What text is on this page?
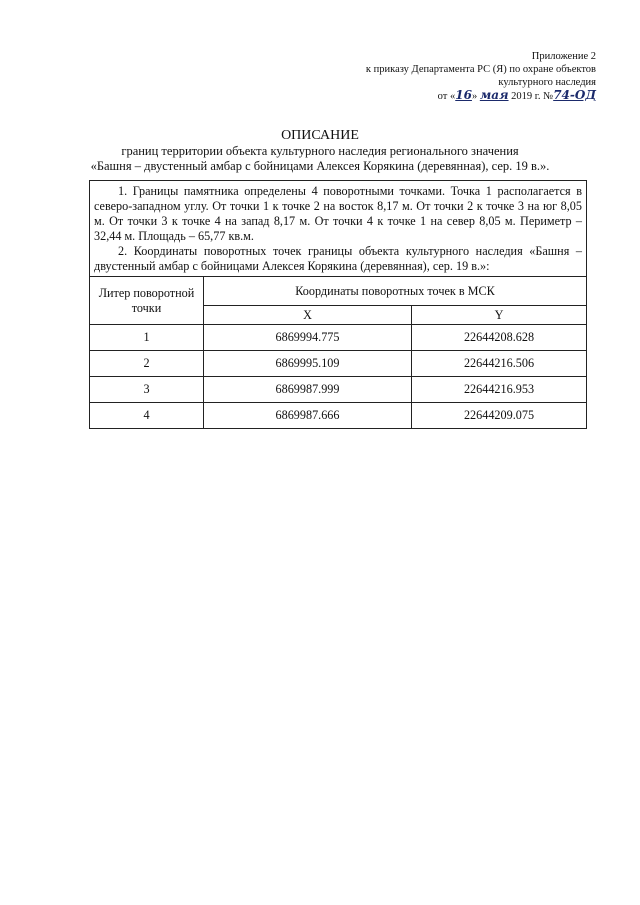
Приложение 2
к приказу Департамента РС (Я) по охране объектов
культурного наследия
от «16» мая 2019 г. №74-ОД
ОПИСАНИЕ
границ территории объекта культурного наследия регионального значения
«Башня – двустенный амбар с бойницами Алексея Корякина (деревянная), сер. 19 в.».

1. Границы памятника определены 4 поворотными точками. Точка 1 располагается в северо-западном углу. От точки 1 к точке 2 на восток 8,17 м. От точки 2 к точке 3 на юг 8,05 м. От точки 3 к точке 4 на запад 8,17 м. От точки 4 к точке 1 на север 8,05 м. Периметр – 32,44 м. Площадь – 65,77 кв.м.

2. Координаты поворотных точек границы объекта культурного наследия «Башня – двустенный амбар с бойницами Алексея Корякина (деревянная), сер. 19 в.»:

Литер поворотной точки	Координаты поворотных точек в МСК	
	X	Y
1	6869994.775	22644208.628
2	6869995.109	22644216.506
3	6869987.999	22644216.953
4	6869987.666	22644209.075
